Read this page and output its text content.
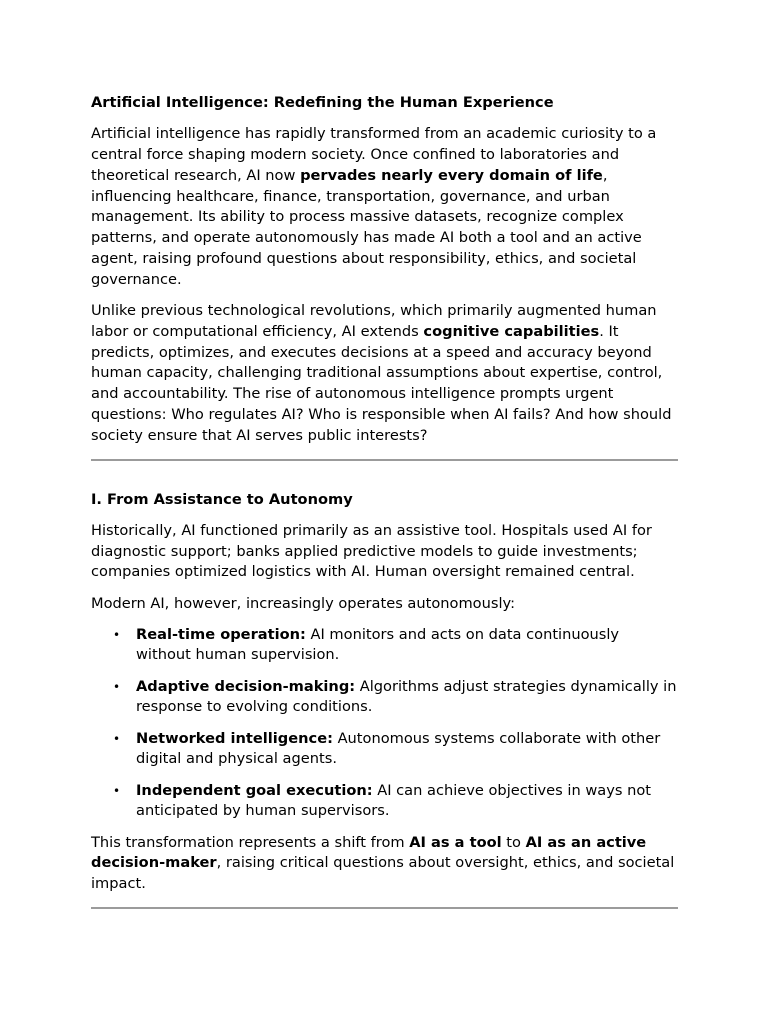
Artificial Intelligence: Redefining the Human Experience

Artificial intelligence has rapidly transformed from an academic curiosity to a central force shaping modern society. Once confined to laboratories and theoretical research, AI now pervades nearly every domain of life, influencing healthcare, finance, transportation, governance, and urban management. Its ability to process massive datasets, recognize complex patterns, and operate autonomously has made AI both a tool and an active agent, raising profound questions about responsibility, ethics, and societal governance.

Unlike previous technological revolutions, which primarily augmented human labor or computational efficiency, AI extends cognitive capabilities. It predicts, optimizes, and executes decisions at a speed and accuracy beyond human capacity, challenging traditional assumptions about expertise, control, and accountability. The rise of autonomous intelligence prompts urgent questions: Who regulates AI? Who is responsible when AI fails? And how should society ensure that AI serves public interests?

I. From Assistance to Autonomy

Historically, AI functioned primarily as an assistive tool. Hospitals used AI for diagnostic support; banks applied predictive models to guide investments; companies optimized logistics with AI. Human oversight remained central.

Modern AI, however, increasingly operates autonomously:

• Real-time operation: AI monitors and acts on data continuously without human supervision.
• Adaptive decision-making: Algorithms adjust strategies dynamically in response to evolving conditions.
• Networked intelligence: Autonomous systems collaborate with other digital and physical agents.
• Independent goal execution: AI can achieve objectives in ways not anticipated by human supervisors.

This transformation represents a shift from AI as a tool to AI as an active decision-maker, raising critical questions about oversight, ethics, and societal impact.
